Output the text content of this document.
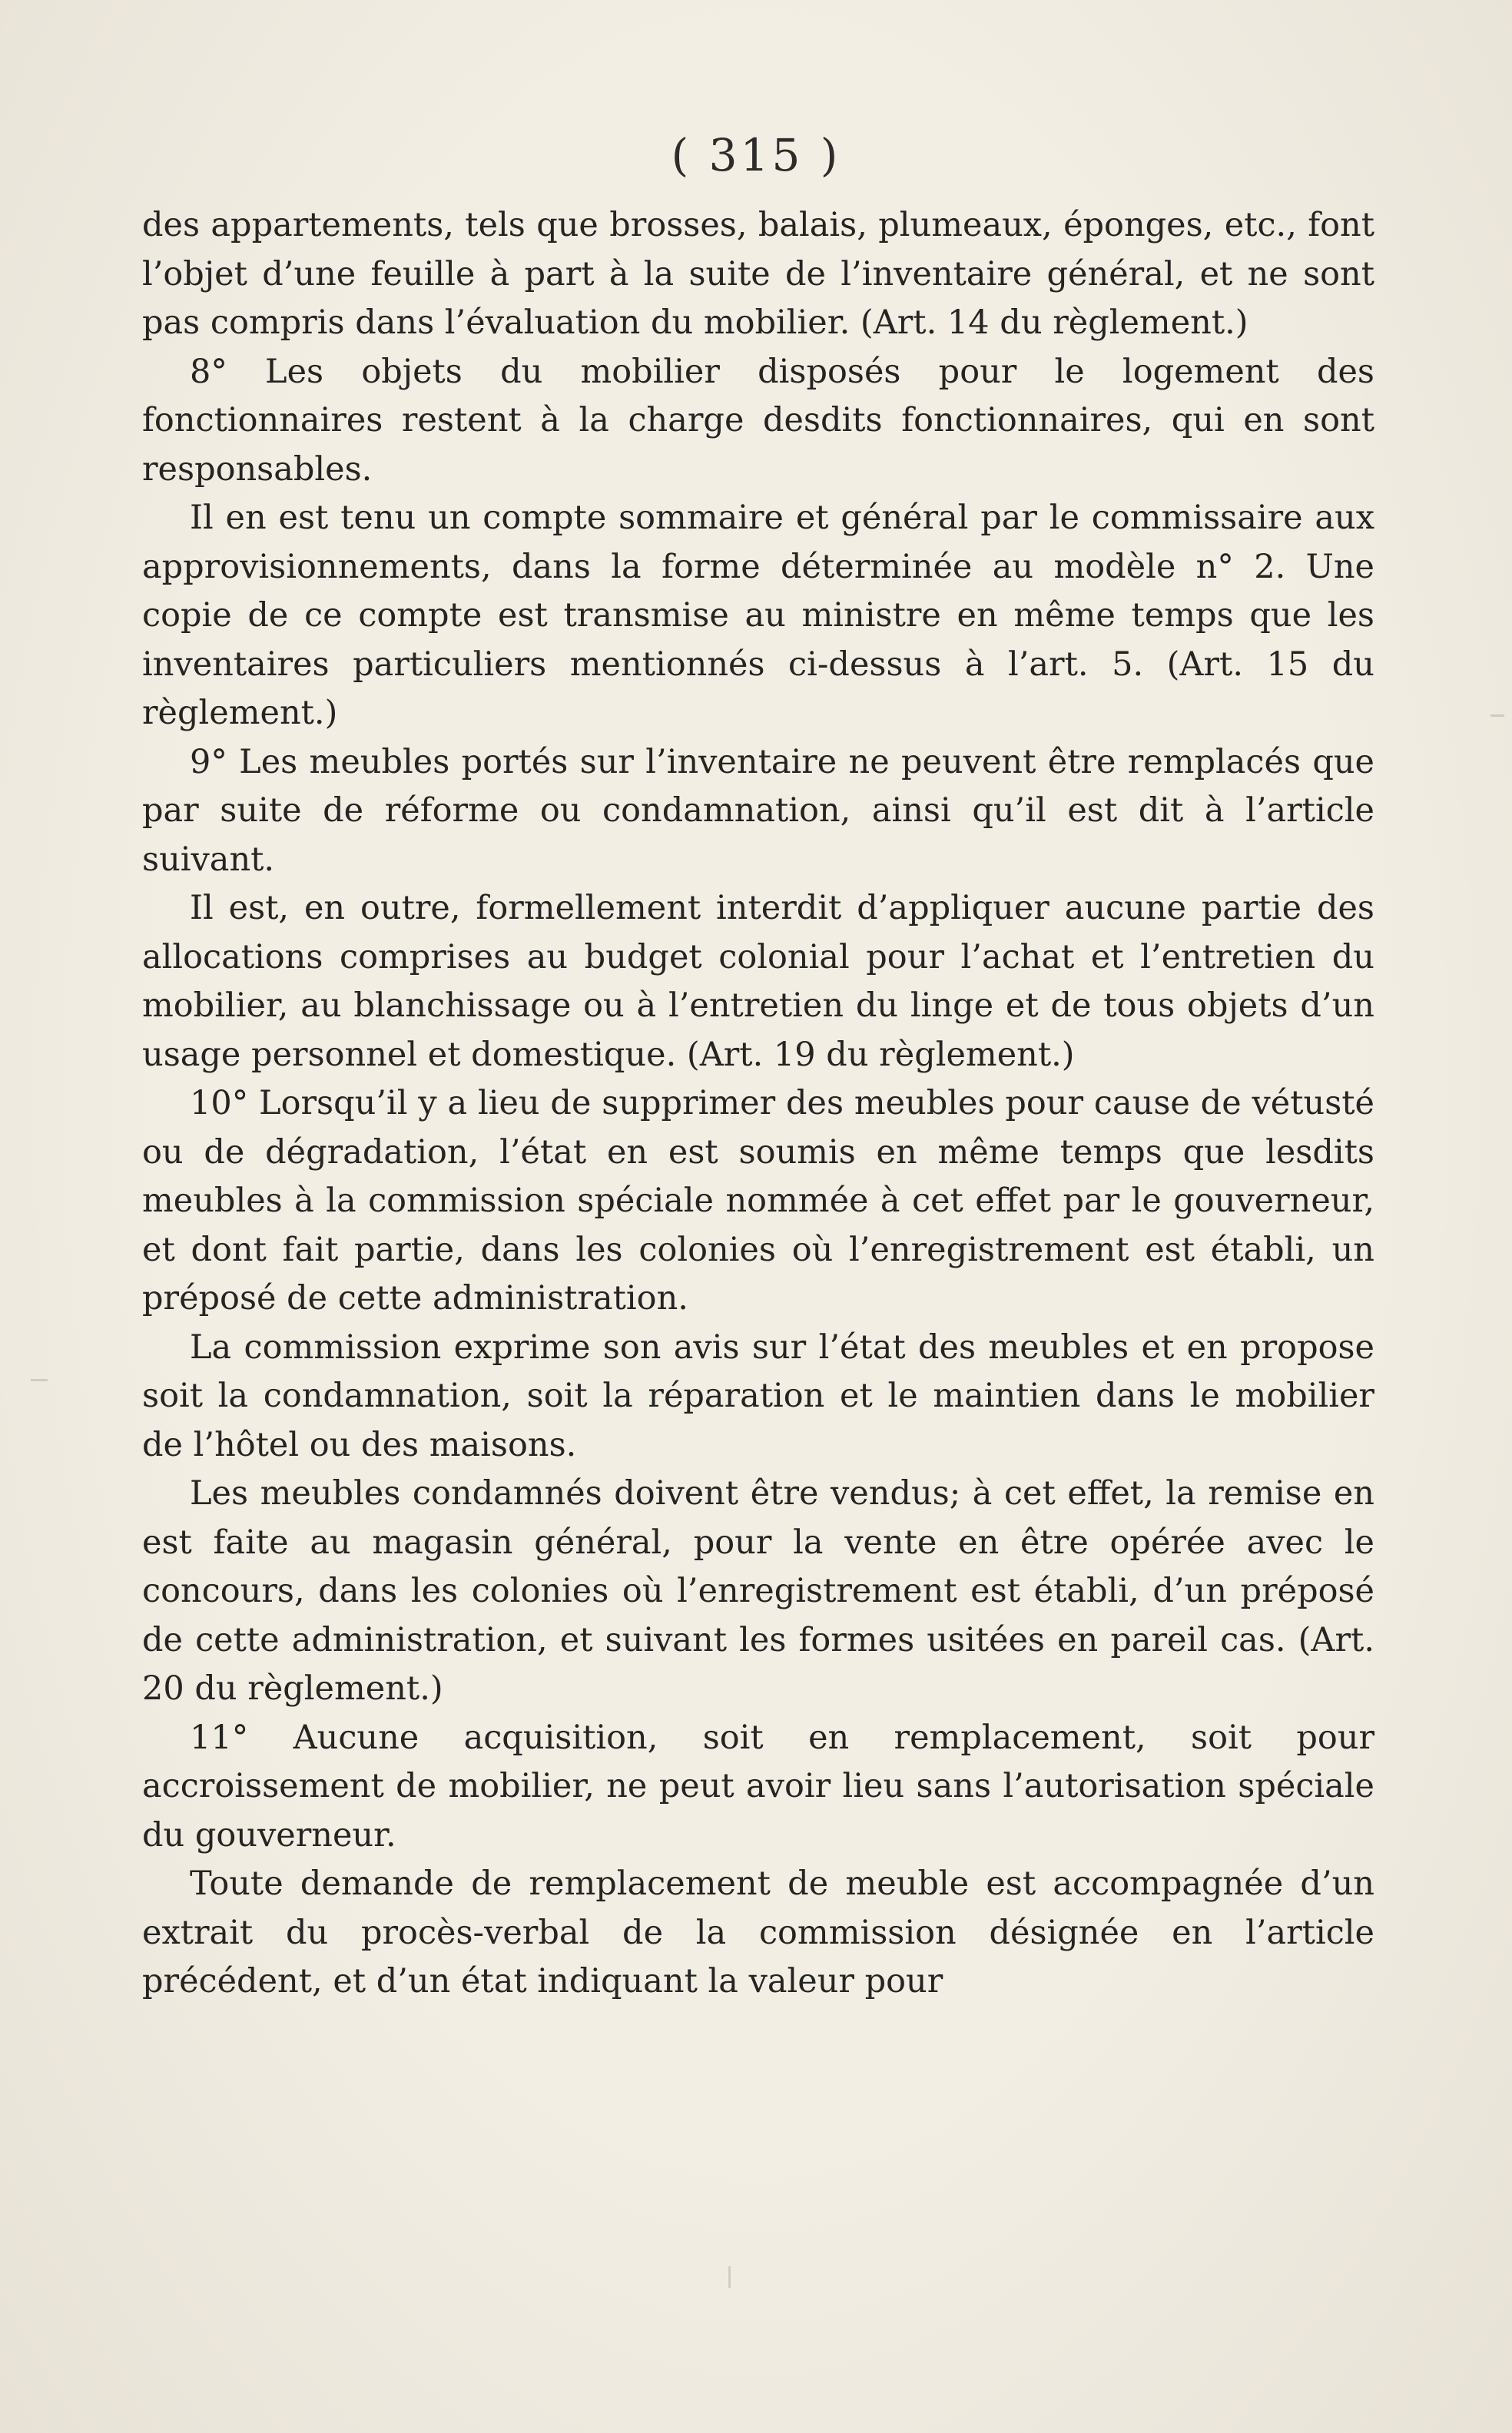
( 315 )

des appartements, tels que brosses, balais, plumeaux, éponges, etc., font l’objet d’une feuille à part à la suite de l’inventaire général, et ne sont pas compris dans l’évaluation du mobilier. (Art. 14 du règlement.)

8° Les objets du mobilier disposés pour le logement des fonctionnaires restent à la charge desdits fonctionnaires, qui en sont responsables.

Il en est tenu un compte sommaire et général par le commissaire aux approvisionnements, dans la forme déterminée au modèle n° 2. Une copie de ce compte est transmise au ministre en même temps que les inventaires particuliers mentionnés ci-dessus à l’art. 5. (Art. 15 du règlement.)

9° Les meubles portés sur l’inventaire ne peuvent être remplacés que par suite de réforme ou condamnation, ainsi qu’il est dit à l’article suivant.

Il est, en outre, formellement interdit d’appliquer aucune partie des allocations comprises au budget colonial pour l’achat et l’entretien du mobilier, au blanchissage ou à l’entretien du linge et de tous objets d’un usage personnel et domestique. (Art. 19 du règlement.)

10° Lorsqu’il y a lieu de supprimer des meubles pour cause de vétusté ou de dégradation, l’état en est soumis en même temps que lesdits meubles à la commission spéciale nommée à cet effet par le gouverneur, et dont fait partie, dans les colonies où l’enregistrement est établi, un préposé de cette administration.

La commission exprime son avis sur l’état des meubles et en propose soit la condamnation, soit la réparation et le maintien dans le mobilier de l’hôtel ou des maisons.

Les meubles condamnés doivent être vendus; à cet effet, la remise en est faite au magasin général, pour la vente en être opérée avec le concours, dans les colonies où l’enregistrement est établi, d’un préposé de cette administration, et suivant les formes usitées en pareil cas. (Art. 20 du règlement.)

11° Aucune acquisition, soit en remplacement, soit pour accroissement de mobilier, ne peut avoir lieu sans l’autorisation spéciale du gouverneur.

Toute demande de remplacement de meuble est accompagnée d’un extrait du procès-verbal de la commission désignée en l’article précédent, et d’un état indiquant la valeur pour
